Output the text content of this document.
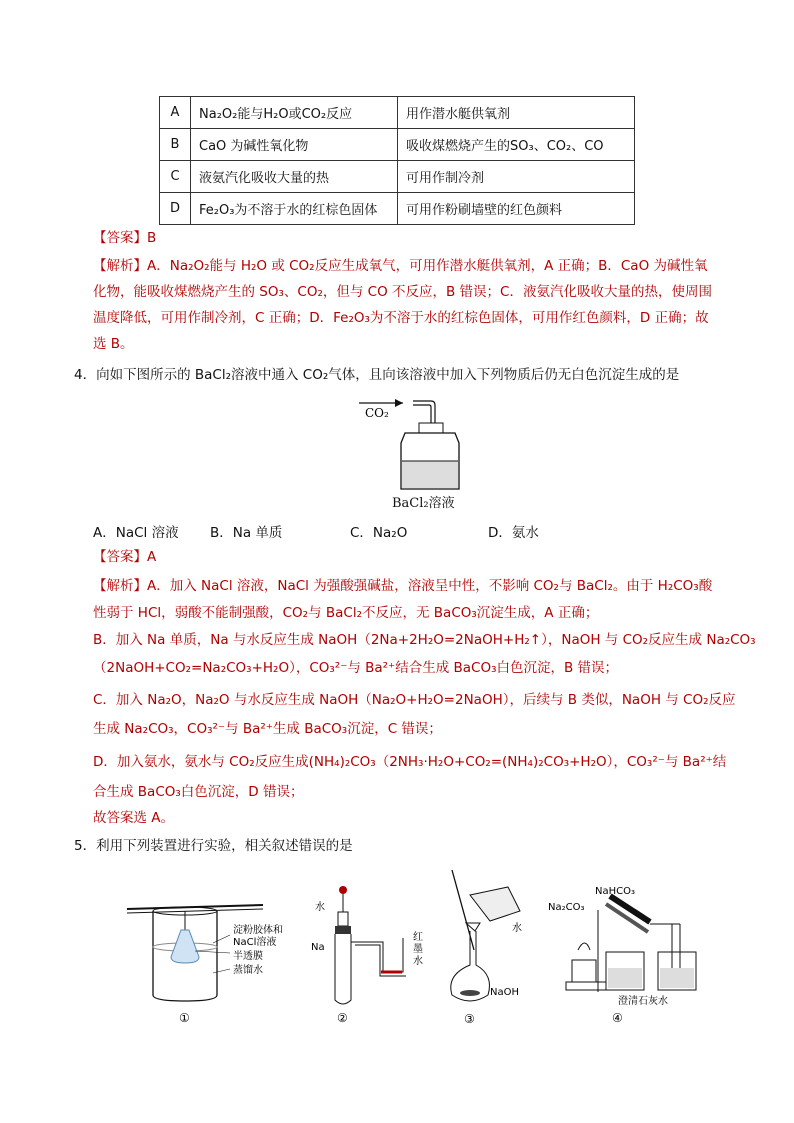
A	Na₂O₂能与H₂O或CO₂反应	用作潜水艇供氧剂
B	CaO 为碱性氧化物	吸收煤燃烧产生的SO₃、CO₂、CO
C	液氨汽化吸收大量的热	可用作制冷剂
D	Fe₂O₃为不溶于水的红棕色固体	可用作粉刷墙壁的红色颜料
【答案】B
【解析】A．Na₂O₂能与 H₂O 或 CO₂反应生成氧气，可用作潜水艇供氧剂，A 正确；B．CaO 为碱性氧
化物，能吸收煤燃烧产生的 SO₃、CO₂，但与 CO 不反应，B 错误；C．液氨汽化吸收大量的热，使周围
温度降低，可用作制冷剂，C 正确；D．Fe₂O₃为不溶于水的红棕色固体，可用作红色颜料，D 正确；故
选 B。
4．向如下图所示的 BaCl₂溶液中通入 CO₂气体，且向该溶液中加入下列物质后仍无白色沉淀生成的是
CO₂
BaCl₂溶液
A．NaCl 溶液 B．Na 单质	C．Na₂O	D．氨水
【答案】A
【解析】A．加入 NaCl 溶液，NaCl 为强酸强碱盐，溶液呈中性，不影响 CO₂与 BaCl₂。由于 H₂CO₃酸
性弱于 HCl，弱酸不能制强酸，CO₂与 BaCl₂不反应，无 BaCO₃沉淀生成，A 正确；
B．加入 Na 单质，Na 与水反应生成 NaOH（2Na+2H₂O=2NaOH+H₂↑），NaOH 与 CO₂反应生成 Na₂CO₃
（2NaOH+CO₂=Na₂CO₃+H₂O），CO₃²⁻与 Ba²⁺结合生成 BaCO₃白色沉淀，B 错误；
C．加入 Na₂O，Na₂O 与水反应生成 NaOH（Na₂O+H₂O=2NaOH），后续与 B 类似，NaOH 与 CO₂反应
生成 Na₂CO₃，CO₃²⁻与 Ba²⁺生成 BaCO₃沉淀，C 错误；
D．加入氨水，氨水与 CO₂反应生成(NH₄)₂CO₃（2NH₃·H₂O+CO₂=(NH₄)₂CO₃+H₂O），CO₃²⁻与 Ba²⁺结
合生成 BaCO₃白色沉淀，D 错误；
故答案选 A。
5．利用下列装置进行实验，相关叙述错误的是
淀粉胶体和
NaCl溶液
半透膜
蒸馏水
①
水
Na
红
墨
水
②
水
NaOH
③
NaHCO₃
Na₂CO₃
澄清石灰水
④
